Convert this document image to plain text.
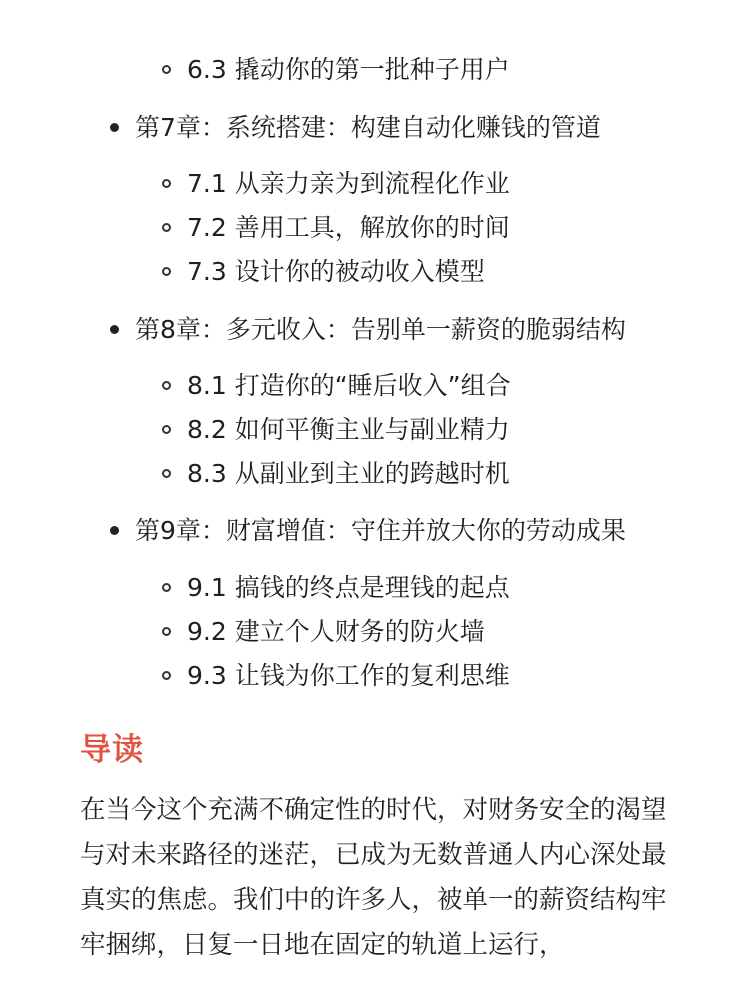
6.3 撬动你的第一批种子用户
第7章：系统搭建：构建自动化赚钱的管道
7.1 从亲力亲为到流程化作业
7.2 善用工具，解放你的时间
7.3 设计你的被动收入模型
第8章：多元收入：告别单一薪资的脆弱结构
8.1 打造你的“睡后收入”组合
8.2 如何平衡主业与副业精力
8.3 从副业到主业的跨越时机
第9章：财富增值：守住并放大你的劳动成果
9.1 搞钱的终点是理钱的起点
9.2 建立个人财务的防火墙
9.3 让钱为你工作的复利思维
导读
在当今这个充满不确定性的时代，对财务安全的渴望与对未来路径的迷茫，已成为无数普通人内心深处最真实的焦虑。我们中的许多人，被单一的薪资结构牢牢捆绑，日复一日地在固定的轨道上运行，
